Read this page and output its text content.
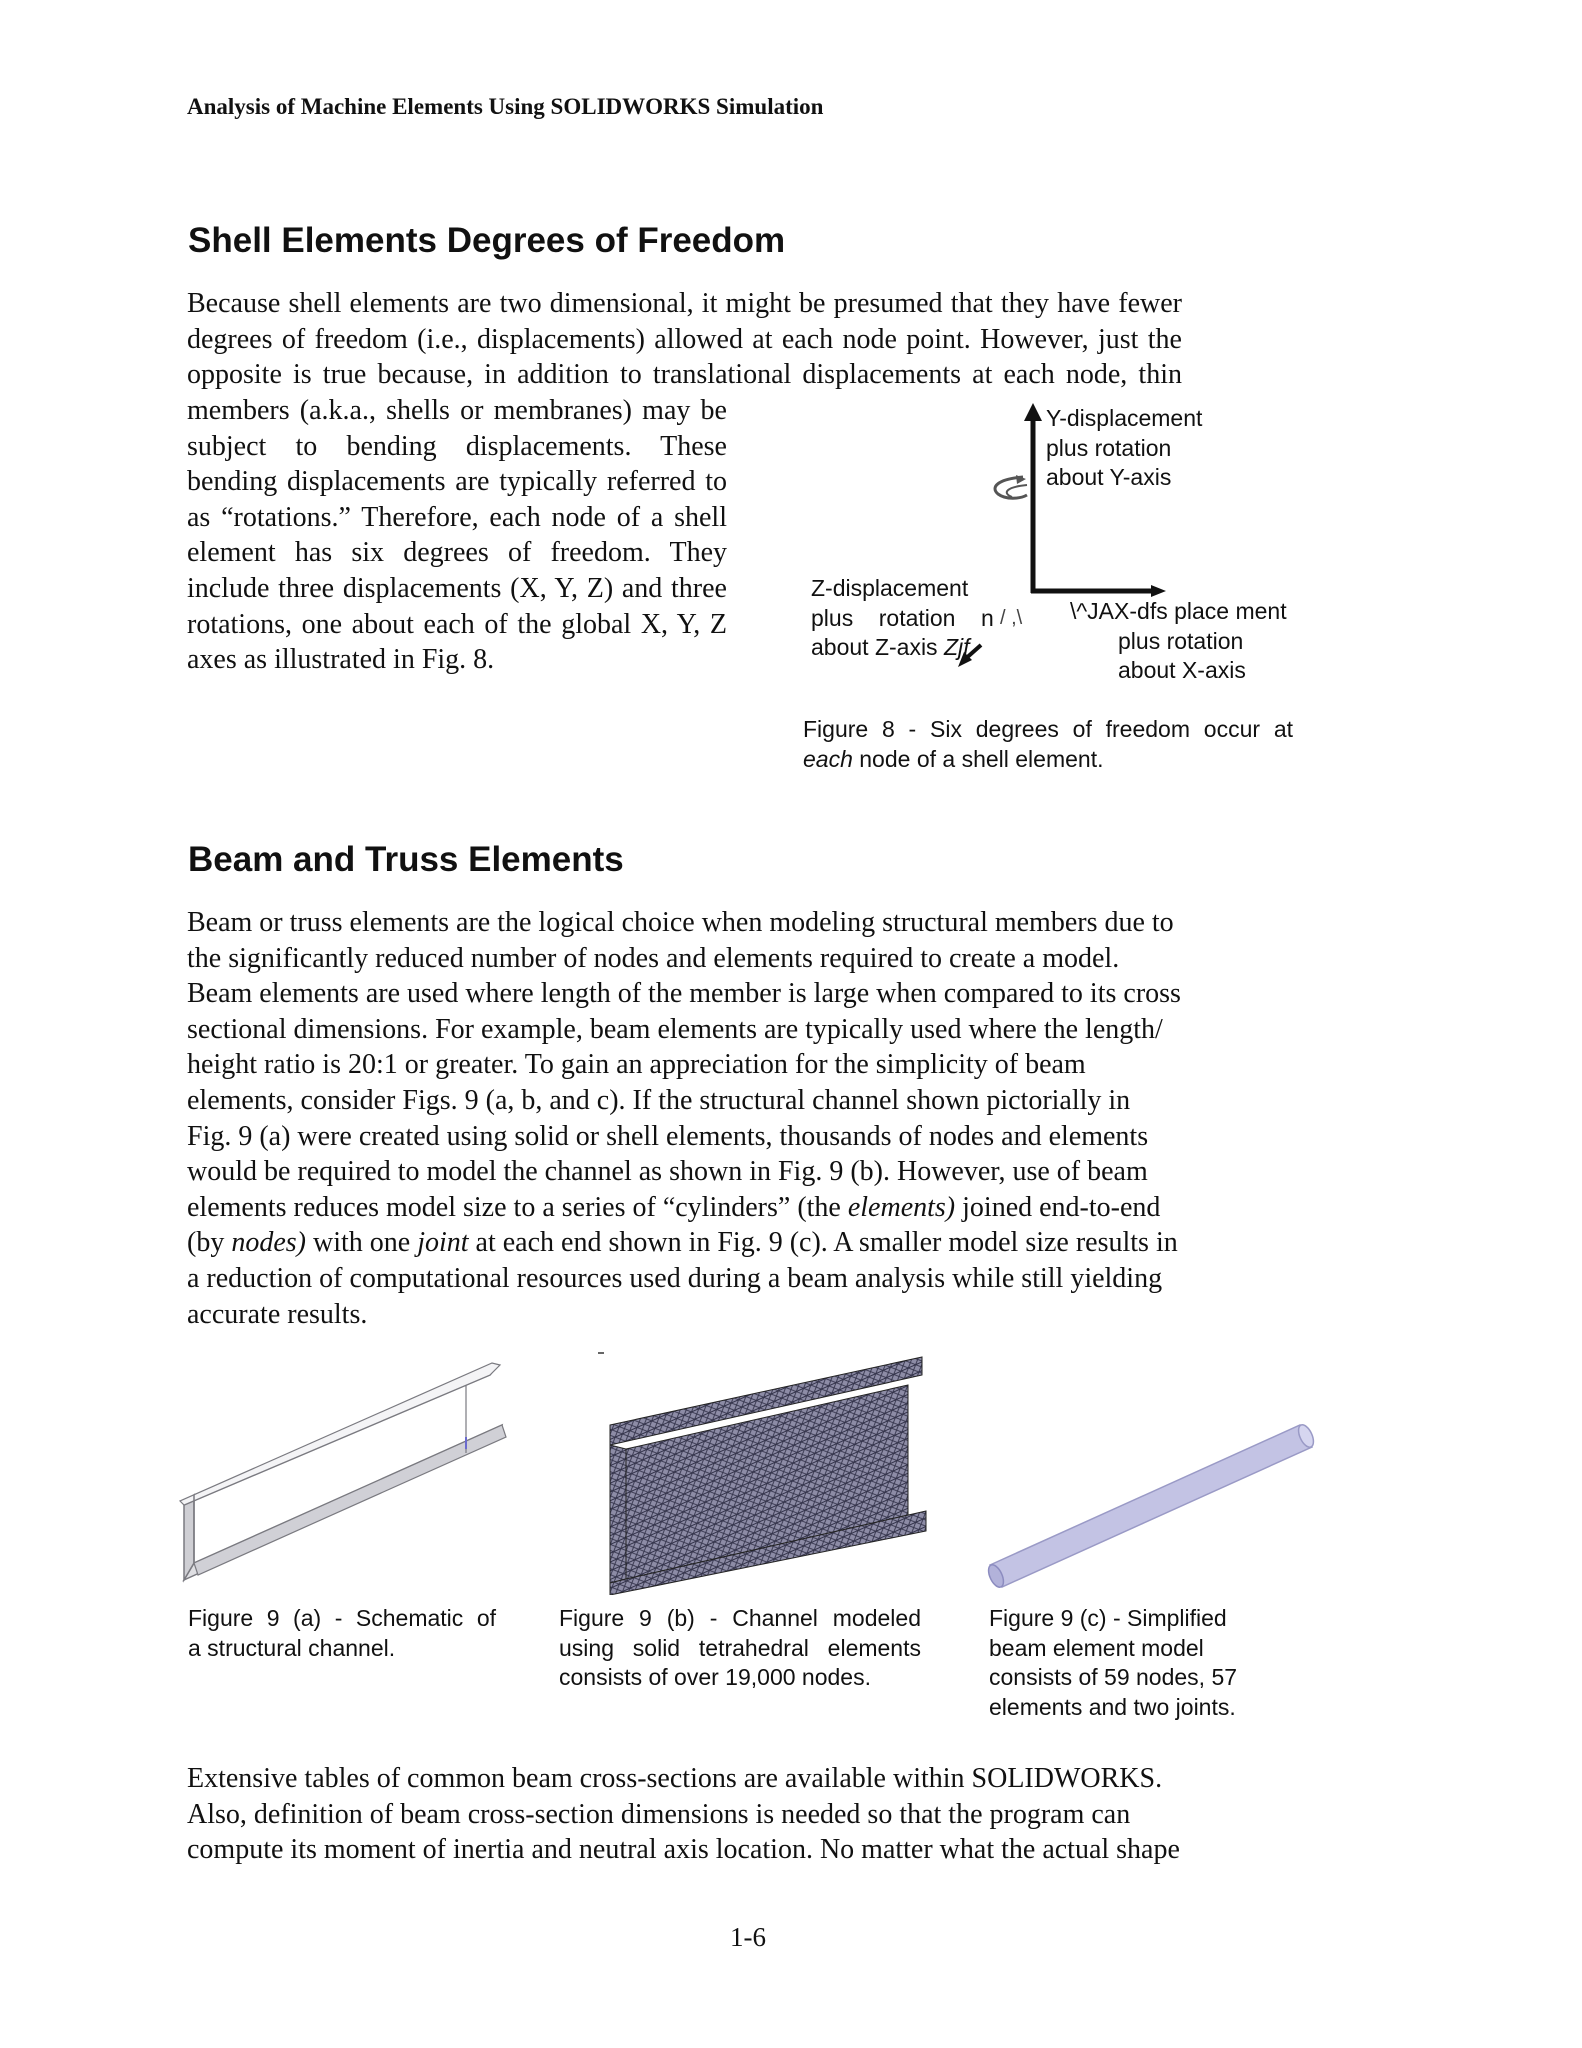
Analysis of Machine Elements Using SOLIDWORKS Simulation
Shell Elements Degrees of Freedom

Because shell elements are two dimensional, it might be presumed that they have fewer

degrees of freedom (i.e., displacements) allowed at each node point. However, just the

opposite is true because, in addition to translational displacements at each node, thin

members (a.k.a., shells or membranes) may be

subject to bending displacements. These

bending displacements are typically referred to

as “rotations.” Therefore, each node of a shell

element has six degrees of freedom. They

include three displacements (X, Y, Z) and three

rotations, one about each of the global X, Y, Z

axes as illustrated in Fig. 8.

Y-displacement
plus rotation
about Y-axis
Z-displacement
plus    rotation    n
about Z-axis Zjf
/ ,\ \^JAX-dfs place ment
plus rotation
about X-axis
Figure 8 - Six degrees of freedom occur at
each node of a shell element.
Beam and Truss Elements

Beam or truss elements are the logical choice when modeling structural members due to

the significantly reduced number of nodes and elements required to create a model.

Beam elements are used where length of the member is large when compared to its cross

sectional dimensions. For example, beam elements are typically used where the length/

height ratio is 20:1 or greater. To gain an appreciation for the simplicity of beam

elements, consider Figs. 9 (a, b, and c). If the structural channel shown pictorially in

Fig. 9 (a) were created using solid or shell elements, thousands of nodes and elements

would be required to model the channel as shown in Fig. 9 (b). However, use of beam

elements reduces model size to a series of “cylinders” (the elements) joined end-to-end

(by nodes) with one joint at each end shown in Fig. 9 (c). A smaller model size results in

a reduction of computational resources used during a beam analysis while still yielding

accurate results.

Figure 9 (a) - Schematic of
a structural channel.
Figure 9 (b) - Channel modeled
using solid tetrahedral elements
consists of over 19,000 nodes.
Figure 9 (c) - Simplified
beam element model
consists of 59 nodes, 57
elements and two joints.

Extensive tables of common beam cross-sections are available within SOLIDWORKS.

Also, definition of beam cross-section dimensions is needed so that the program can

compute its moment of inertia and neutral axis location. No matter what the actual shape

1-6
